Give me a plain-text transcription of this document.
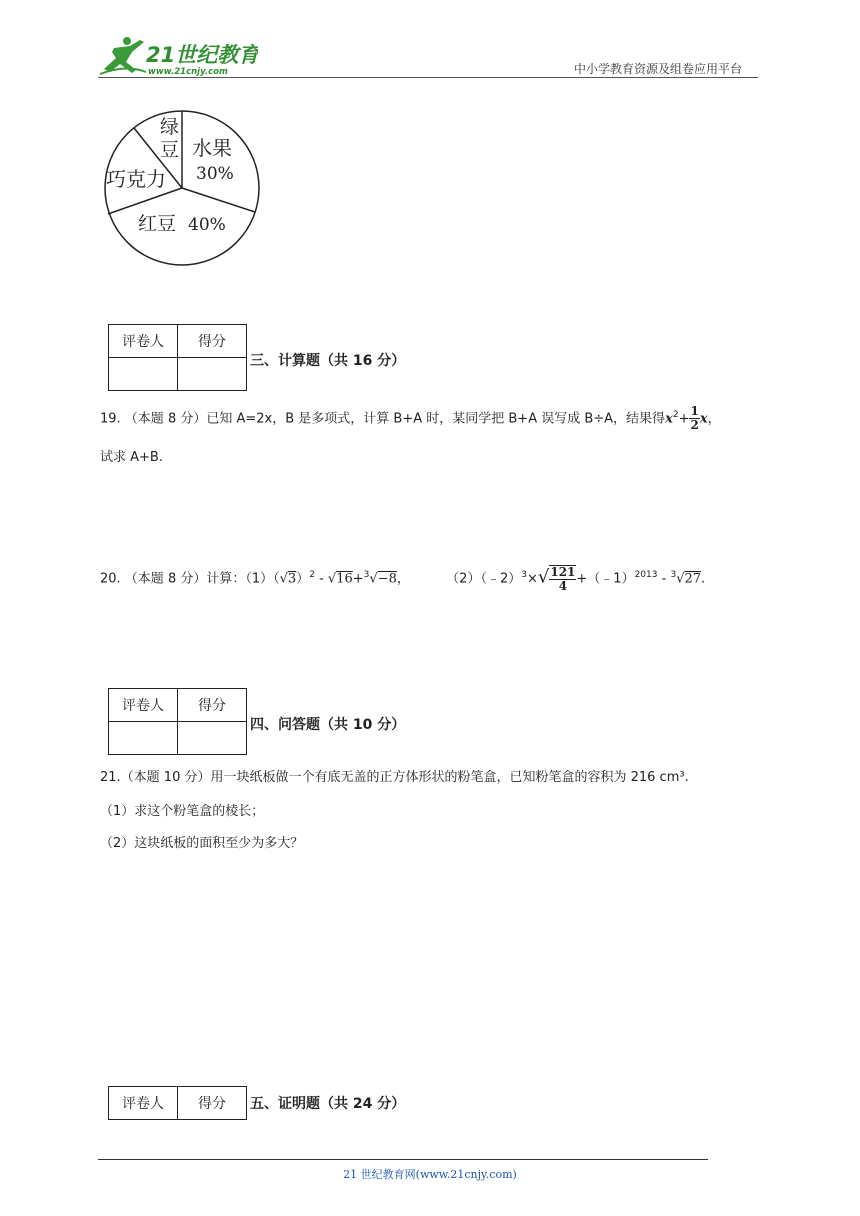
21世纪教育
www.21cnjy.com	中小学教育资源及组卷应用平台
水果
30%
红豆 40%
巧克力
绿
豆
评卷人	得分

三、计算题（共 16 分）
19. （本题 8 分）已知 A=2x，B 是多项式，计算 B+A 时，某同学把 B+A 误写成 B÷A，结果得$x^2+ \frac{1}{2}$ x，
试求 A+B.
20. （本题 8 分）计算：$(1)(√3)^2 - √16+^3√-8$，	（2）（﹣2）$^3$×√ $\frac{121}{4}$ +（﹣1）$^{2013}$ - $^3$√27.
评卷人	得分

四、问答题（共 10 分）
21.（本题 10 分）用一块纸板做一个有底无盖的正方体形状的粉笔盒，已知粉笔盒的容积为 216 cm³.
（1）求这个粉笔盒的棱长；
（2）这块纸板的面积至少为多大？
评卷人	得分 五、证明题（共 24 分）
21 世纪教育网(www.21cnjy.com)
